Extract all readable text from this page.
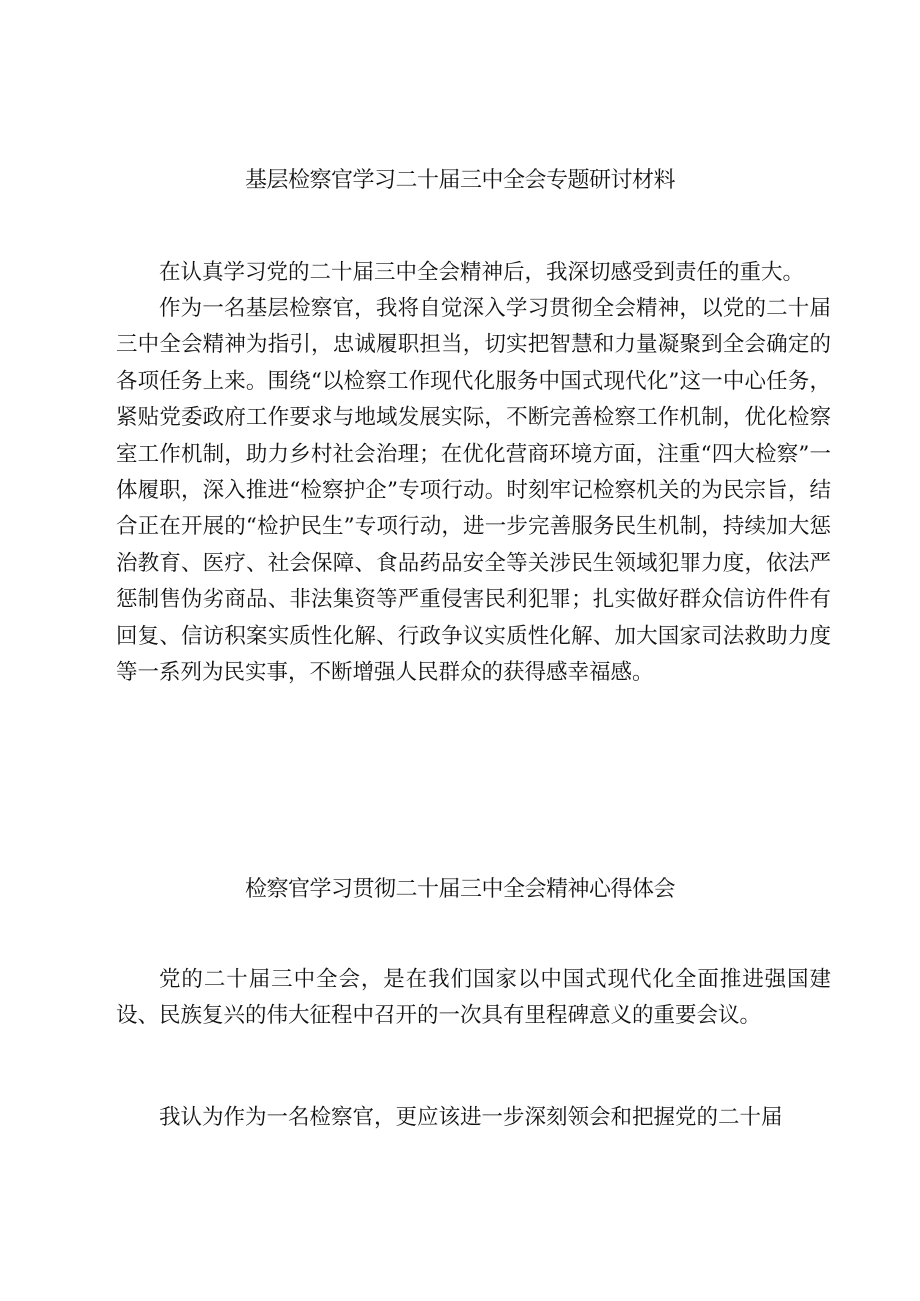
基层检察官学习二十届三中全会专题研讨材料

在认真学习党的二十届三中全会精神后，我深切感受到责任的重大。

作为一名基层检察官，我将自觉深入学习贯彻全会精神，以党的二十届三中全会精神为指引，忠诚履职担当，切实把智慧和力量凝聚到全会确定的各项任务上来。围绕“以检察工作现代化服务中国式现代化”这一中心任务，紧贴党委政府工作要求与地域发展实际，不断完善检察工作机制，优化检察室工作机制，助力乡村社会治理；在优化营商环境方面，注重“四大检察”一体履职，深入推进“检察护企”专项行动。时刻牢记检察机关的为民宗旨，结合正在开展的“检护民生”专项行动，进一步完善服务民生机制，持续加大惩治教育、医疗、社会保障、食品药品安全等关涉民生领域犯罪力度，依法严惩制售伪劣商品、非法集资等严重侵害民利犯罪；扎实做好群众信访件件有回复、信访积案实质性化解、行政争议实质性化解、加大国家司法救助力度等一系列为民实事，不断增强人民群众的获得感幸福感。

检察官学习贯彻二十届三中全会精神心得体会

党的二十届三中全会，是在我们国家以中国式现代化全面推进强国建设、民族复兴的伟大征程中召开的一次具有里程碑意义的重要会议。

我认为作为一名检察官，更应该进一步深刻领会和把握党的二十届
